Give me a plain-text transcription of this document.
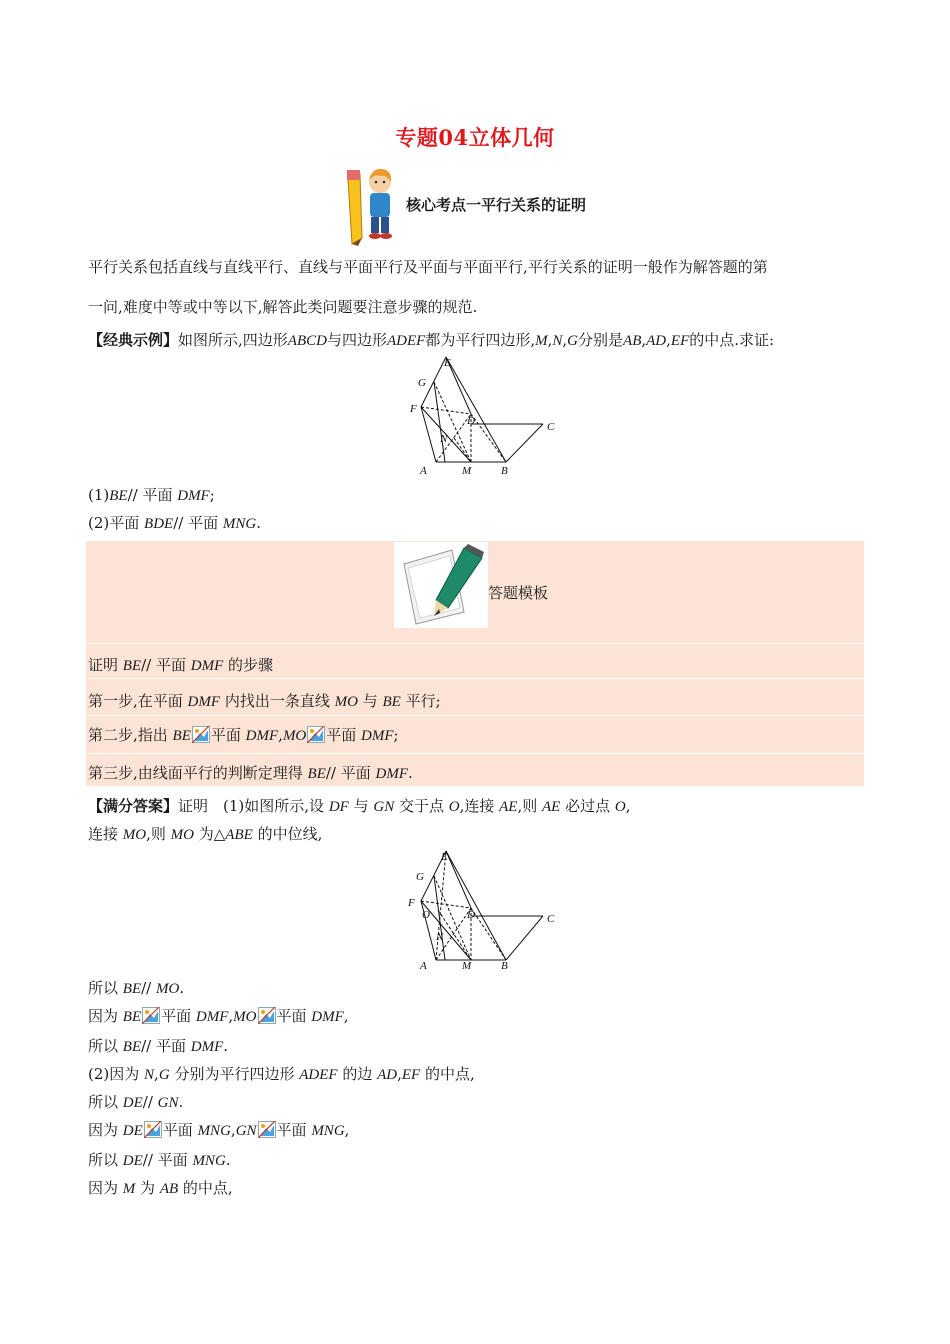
专题04立体几何
核心考点一平行关系的证明
平行关系包括直线与直线平行、直线与平面平行及平面与平面平行,平行关系的证明一般作为解答题的第
一问,难度中等或中等以下,解答此类问题要注意步骤的规范.
【经典示例】如图所示,四边形ABCD与四边形ADEF都为平行四边形,M,N,G分别是AB,AD,EF的中点.求证:
E
G
F
D	C
N
A	M	B
(1)BE// 平面 DMF;
(2)平面 BDE// 平面 MNG.
答题模板
证明 BE// 平面 DMF 的步骤
第一步,在平面 DMF 内找出一条直线 MO 与 BE 平行;
第二步,指出 BE 平面 DMF,MO 平面 DMF;
第三步,由线面平行的判断定理得 BE// 平面 DMF.
【满分答案】证明　(1)如图所示,设 DF 与 GN 交于点 O,连接 AE,则 AE 必过点 O,
连接 MO,则 MO 为△ABE 的中位线,
E
G
F
O	D	C
N
A	M	B
所以 BE// MO.
因为 BE 平面 DMF,MO 平面 DMF,
所以 BE// 平面 DMF.
(2)因为 N,G 分别为平行四边形 ADEF 的边 AD,EF 的中点,
所以 DE// GN.
因为 DE 平面 MNG,GN 平面 MNG,
所以 DE// 平面 MNG.
因为 M 为 AB 的中点,
